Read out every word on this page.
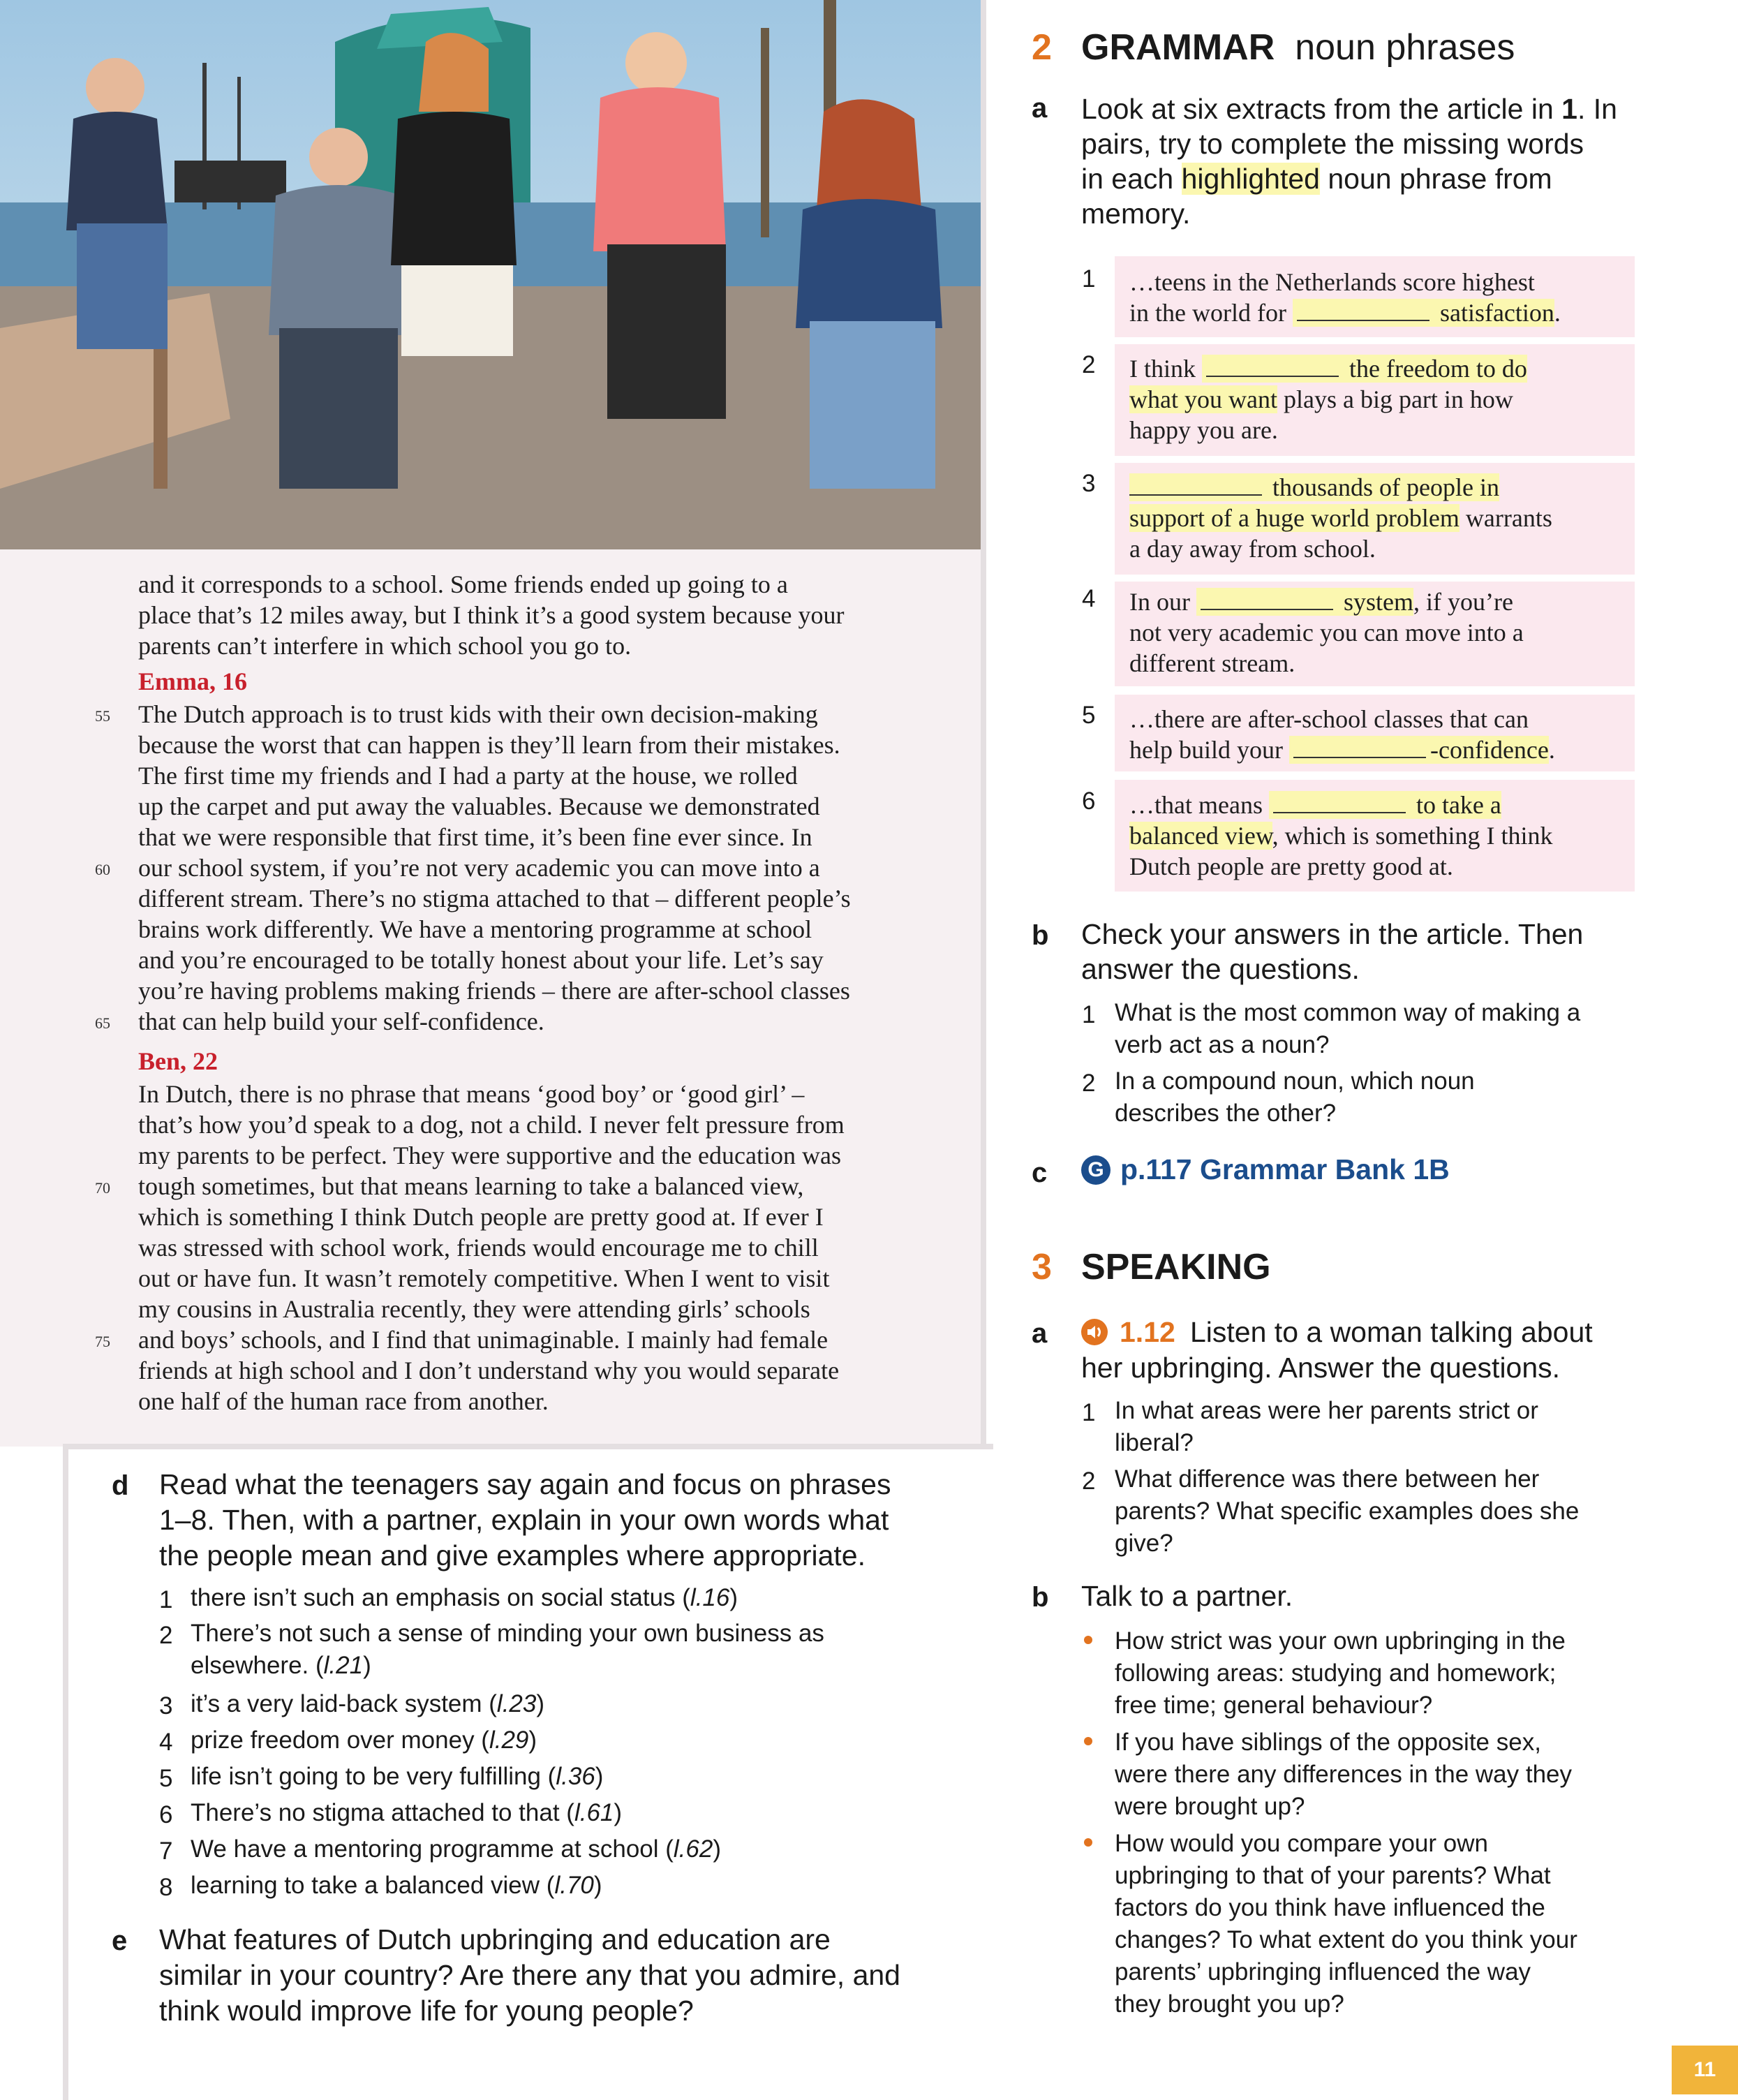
and it corresponds to a school. Some friends ended up going to a
place that’s 12 miles away, but I think it’s a good system because your
parents can’t interfere in which school you go to.
Emma, 16
The Dutch approach is to trust kids with their own decision-making
because the worst that can happen is they’ll learn from their mistakes.
The first time my friends and I had a party at the house, we rolled
up the carpet and put away the valuables. Because we demonstrated
that we were responsible that first time, it’s been fine ever since. In
our school system, if you’re not very academic you can move into a
different stream. There’s no stigma attached to that – different people’s
brains work differently. We have a mentoring programme at school
and you’re encouraged to be totally honest about your life. Let’s say
you’re having problems making friends – there are after-school classes
that can help build your self-confidence.
Ben, 22
In Dutch, there is no phrase that means ‘good boy’ or ‘good girl’ –
that’s how you’d speak to a dog, not a child. I never felt pressure from
my parents to be perfect. They were supportive and the education was
tough sometimes, but that means learning to take a balanced view,
which is something I think Dutch people are pretty good at. If ever I
was stressed with school work, friends would encourage me to chill
out or have fun. It wasn’t remotely competitive. When I went to visit
my cousins in Australia recently, they were attending girls’ schools
and boys’ schools, and I find that unimaginable. I mainly had female
friends at high school and I don’t understand why you would separate
one half of the human race from another.
55
60
65
70
75
d Read what the teenagers say again and focus on phrases
1–8. Then, with a partner, explain in your own words what
the people mean and give examples where appropriate.
1 there isn’t such an emphasis on social status (l.16)
2 There’s not such a sense of minding your own business as
elsewhere. (l.21)
3 it’s a very laid-back system (l.23)
4 prize freedom over money (l.29)
5 life isn’t going to be very fulfilling (l.36)
6 There’s no stigma attached to that (l.61)
7 We have a mentoring programme at school (l.62)
8 learning to take a balanced view (l.70)
e What features of Dutch upbringing and education are
similar in your country? Are there any that you admire, and
think would improve life for young people?
2 GRAMMAR noun phrases
a Look at six extracts from the article in 1. In
pairs, try to complete the missing words
in each highlighted noun phrase from
memory.
1
2
3
4
5
6
…teens in the Netherlands score highest
in the world for	satisfaction.
I think	the freedom to do
what you want plays a big part in how
happy you are.
thousands of people in
support of a huge world problem warrants
a day away from school.
In our	system, if you’re
not very academic you can move into a
different stream.
…there are after-school classes that can
help build your	-confidence.
…that means	to take a
balanced view, which is something I think
Dutch people are pretty good at.
b Check your answers in the article. Then
answer the questions.
1 What is the most common way of making a
verb act as a noun?
2 In a compound noun, which noun
describes the other?
c	G p.117 Grammar Bank 1B
3 SPEAKING
a	1.12 Listen to a woman talking about
her upbringing. Answer the questions.
1 In what areas were her parents strict or
liberal?
2 What difference was there between her
parents? What specific examples does she
give?
b Talk to a partner.
How strict was your own upbringing in the
following areas: studying and homework;
free time; general behaviour?
If you have siblings of the opposite sex,
were there any differences in the way they
were brought up?
How would you compare your own
upbringing to that of your parents? What
factors do you think have influenced the
changes? To what extent do you think your
parents’ upbringing influenced the way
they brought you up?
11
